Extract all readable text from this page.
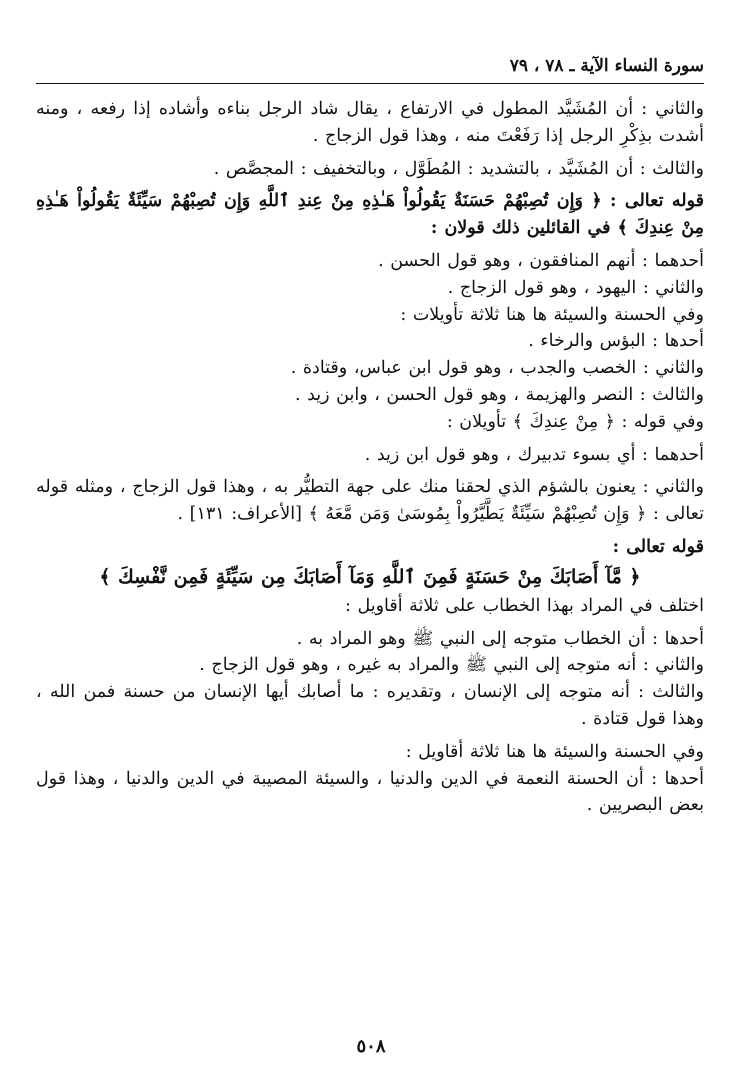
سورة النساء الآية ـ ٧٨ ، ٧٩

والثاني : أن المُشَيَّد المطول في الارتفاع ، يقال شاد الرجل بناءه وأشاده إذا رفعه ، ومنه أشدت بذِكْرِ الرجل إذا رَفَعْتَ منه ، وهذا قول الزجاج .

والثالث : أن المُشَيَّد ، بالتشديد : المُطَوَّل ، وبالتخفيف : المجصَّص .

قوله تعالى : ﴿ وَإِن تُصِبْهُمْ حَسَنَةٌ يَقُولُواْ هَـٰذِهِ مِنْ عِندِ ٱللَّهِ وَإِن تُصِبْهُمْ سَيِّئَةٌ يَقُولُواْ هَـٰذِهِ مِنْ عِندِكَ ﴾ في القائلين ذلك قولان :

أحدهما : أنهم المنافقون ، وهو قول الحسن .

والثاني : اليهود ، وهو قول الزجاج .

وفي الحسنة والسيئة ها هنا ثلاثة تأويلات :

أحدها : البؤس والرخاء .

والثاني : الخصب والجدب ، وهو قول ابن عباس، وقتادة .

والثالث : النصر والهزيمة ، وهو قول الحسن ، وابن زيد .

وفي قوله : ﴿ مِنْ عِندِكَ ﴾ تأويلان :

أحدهما : أي بسوء تدبيرك ، وهو قول ابن زيد .

والثاني : يعنون بالشؤم الذي لحقنا منك على جهة التطيُّر به ، وهذا قول الزجاج ، ومثله قوله تعالى : ﴿ وَإِن تُصِبْهُمْ سَيِّئَةٌ يَطَّيَّرُواْ بِمُوسَىٰ وَمَن مَّعَهُ ﴾ [الأعراف: ١٣١] .

قوله تعالى :

﴿ مَّآ أَصَابَكَ مِنْ حَسَنَةٍ فَمِنَ ٱللَّهِ وَمَآ أَصَابَكَ مِن سَيِّئَةٍ فَمِن نَّفْسِكَ ﴾

اختلف في المراد بهذا الخطاب على ثلاثة أقاويل :

أحدها : أن الخطاب متوجه إلى النبي ﷺ وهو المراد به .

والثاني : أنه متوجه إلى النبي ﷺ والمراد به غيره ، وهو قول الزجاج .

والثالث : أنه متوجه إلى الإنسان ، وتقديره : ما أصابك أيها الإنسان من حسنة فمن الله ، وهذا قول قتادة .

وفي الحسنة والسيئة ها هنا ثلاثة أقاويل :

أحدها : أن الحسنة النعمة في الدين والدنيا ، والسيئة المصيبة في الدين والدنيا ، وهذا قول بعض البصريين .

٥٠٨
